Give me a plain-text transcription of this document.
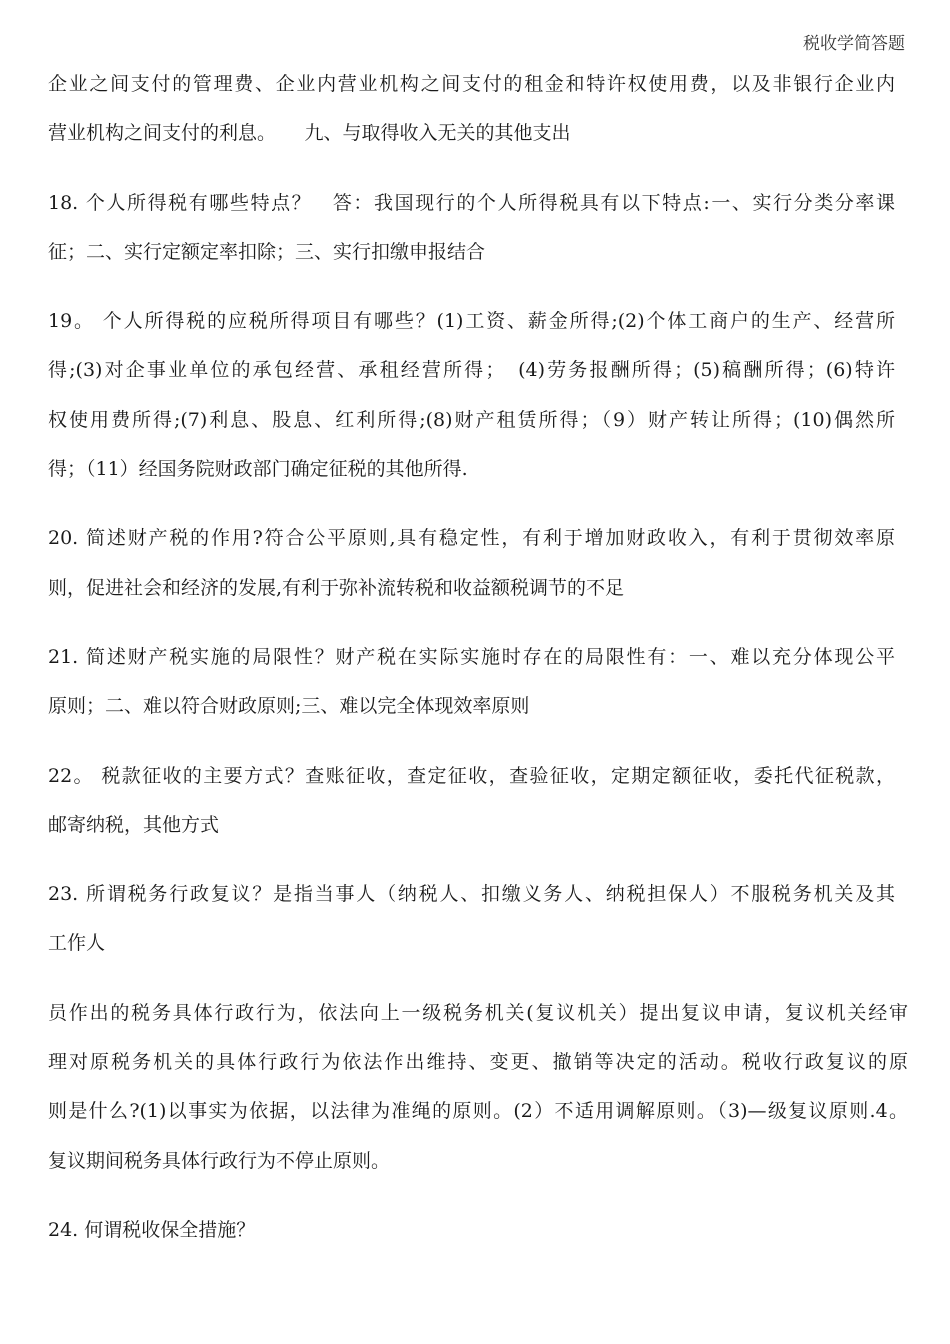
税收学简答题
企业之间支付的管理费、企业内营业机构之间支付的租金和特许权使用费，以及非银行企业内
营业机构之间支付的利息。　　九、与取得收入无关的其他支出
18. 个人所得税有哪些特点？　答：我国现行的个人所得税具有以下特点:一、实行分类分率课
征；二、实行定额定率扣除；三、实行扣缴申报结合
19。 个人所得税的应税所得项目有哪些？(1)工资、薪金所得;(2)个体工商户的生产、经营所
得;(3)对企事业单位的承包经营、承租经营所得；　(4)劳务报酬所得；(5)稿酬所得；(6)特许
权使用费所得;(7)利息、股息、红利所得;(8)财产租赁所得；（9）财产转让所得；(10)偶然所
得；（11）经国务院财政部门确定征税的其他所得.
20. 简述财产税的作用?符合公平原则,具有稳定性，有利于增加财政收入，有利于贯彻效率原
则，促进社会和经济的发展,有利于弥补流转税和收益额税调节的不足
21. 简述财产税实施的局限性？财产税在实际实施时存在的局限性有：一、难以充分体现公平
原则；二、难以符合财政原则;三、难以完全体现效率原则
22。 税款征收的主要方式？查账征收，查定征收，查验征收，定期定额征收，委托代征税款，
邮寄纳税，其他方式
23. 所谓税务行政复议？是指当事人（纳税人、扣缴义务人、纳税担保人）不服税务机关及其
工作人
员作出的税务具体行政行为，依法向上一级税务机关(复议机关）提出复议申请，复议机关经审
理对原税务机关的具体行政行为依法作出维持、变更、撤销等决定的活动。税收行政复议的原
则是什么?(1)以事实为依据，以法律为准绳的原则。(2）不适用调解原则。（3)—级复议原则.4。
复议期间税务具体行政行为不停止原则。
24. 何谓税收保全措施？
